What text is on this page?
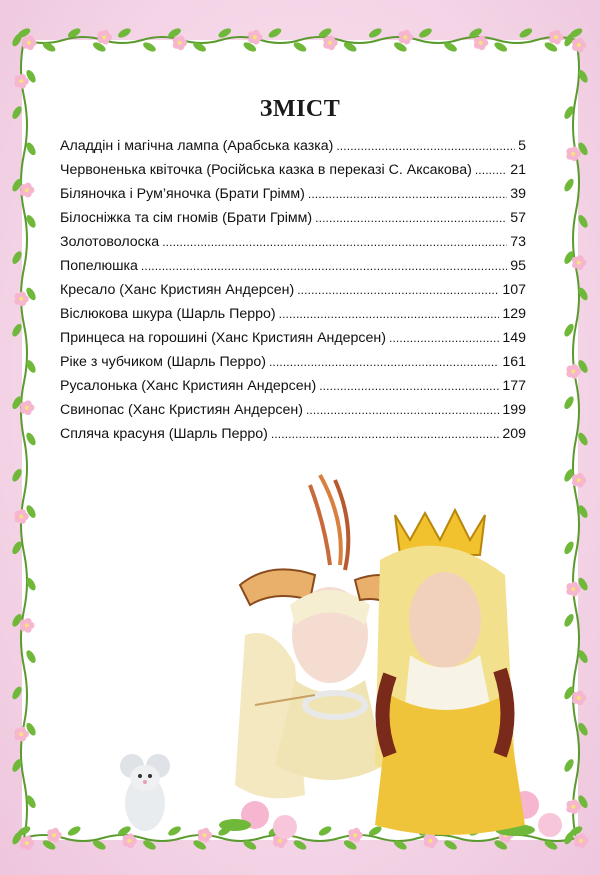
ЗМІСТ
Аладдін і магічна лампа (Арабська казка) . . .	5
Червоненька квіточка (Російська казка в переказі С. Аксакова) . . .	21
Біляночка і Рум’яночка (Брати Грімм) . . .	39
Білосніжка та сім гномів (Брати Грімм) . . .	57
Золотоволоска . . .	73
Попелюшка . . .	95
Кресало (Ханс Кристиян Андерсен) . . .	107
Віслюкова шкура (Шарль Перро) . . .	129
Принцеса на горошині (Ханс Кристиян Андерсен) . . .	149
Ріке з чубчиком (Шарль Перро) . . .	161
Русалонька (Ханс Кристиян Андерсен) . . .	177
Свинопас (Ханс Кристиян Андерсен) . . .	199
Спляча красуня (Шарль Перро) . . .	209
